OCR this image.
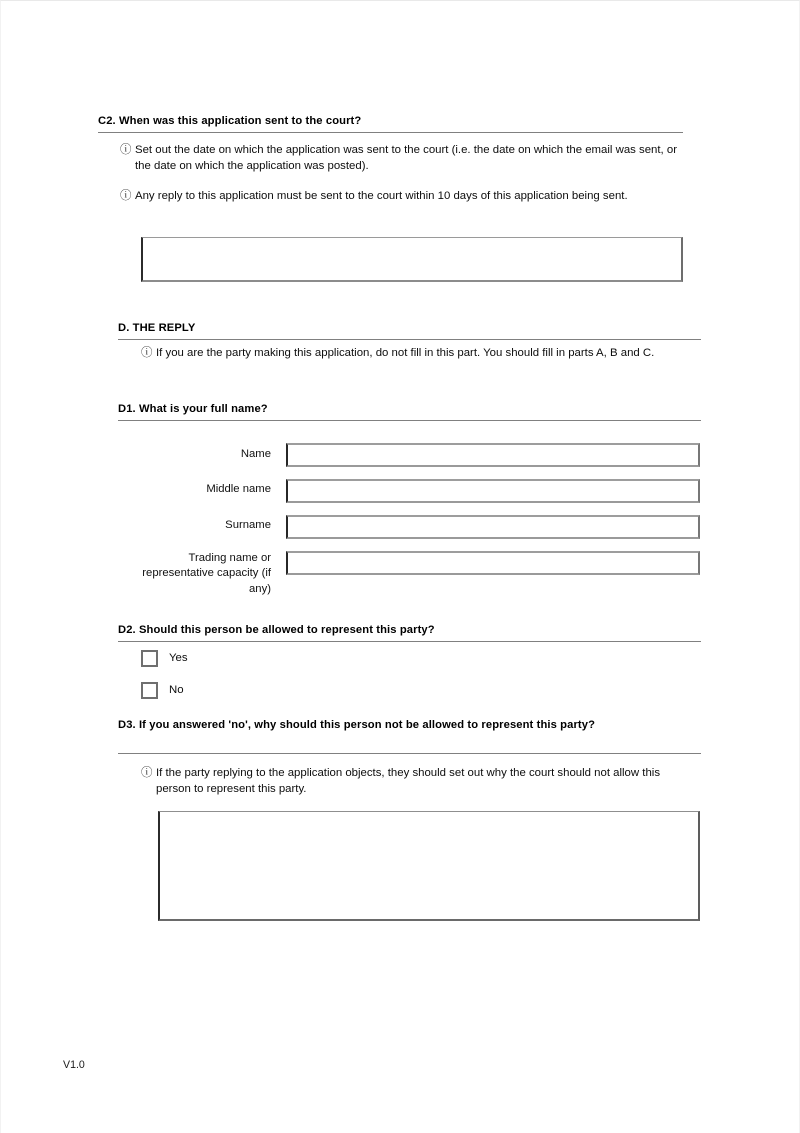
C2. When was this application sent to the court?
ⓘ Set out the date on which the application was sent to the court (i.e. the date on which the email was sent, or the date on which the application was posted).
ⓘ Any reply to this application must be sent to the court within 10 days of this application being sent.
D. THE REPLY
ⓘ If you are the party making this application, do not fill in this part. You should fill in parts A, B and C.
D1. What is your full name?
Name
Middle name
Surname
Trading name or representative capacity (if any)
D2. Should this person be allowed to represent this party?
Yes
No
D3. If you answered 'no', why should this person not be allowed to represent this party?
ⓘ If the party replying to the application objects, they should set out why the court should not allow this person to represent this party.
V1.0
